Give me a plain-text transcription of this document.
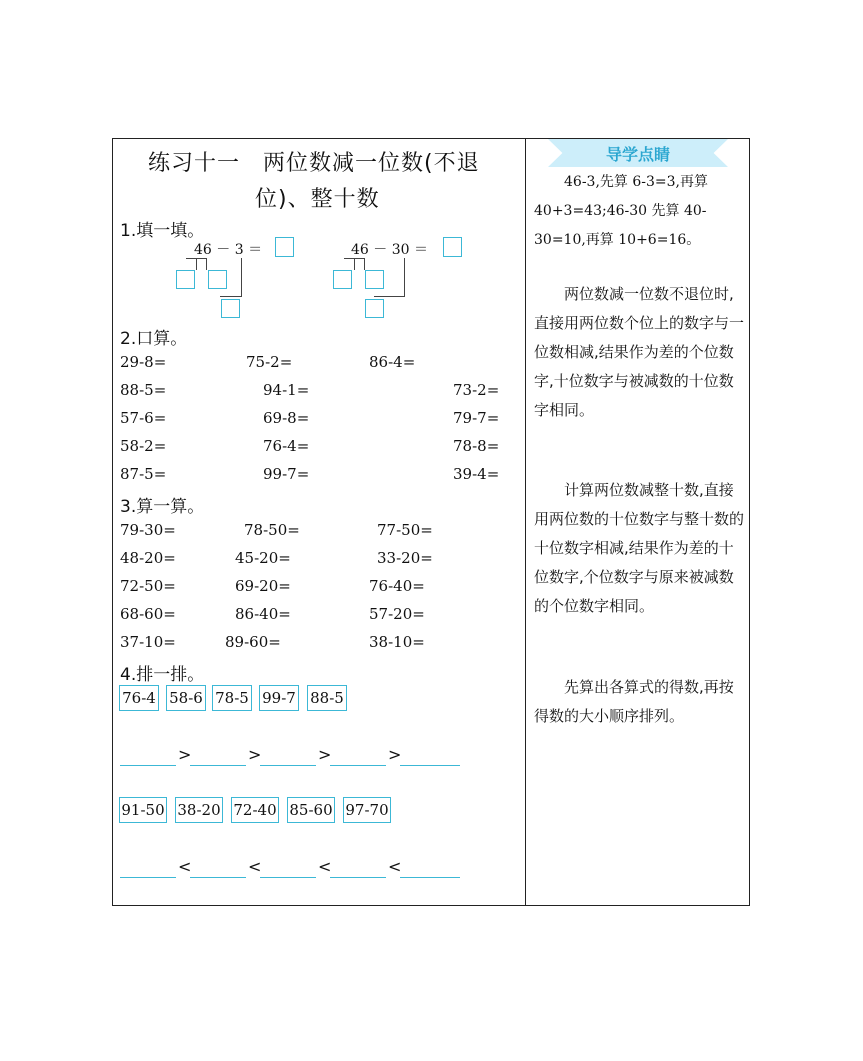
练习十一　两位数减一位数(不退
位)、整十数
1.填一填。
46 － 3 ＝	46 － 30 ＝
2.口算。
29-8=	75-2=	86-4=
88-5=	94-1=	73-2=
57-6=	69-8=	79-7=
58-2=	76-4=	78-8=
87-5=	99-7=	39-4=
3.算一算。
79-30=	78-50=	77-50=
48-20=	45-20=	33-20=
72-50=	69-20=	76-40=
68-60=	86-40=	57-20=
37-10=	89-60=	38-10=
4.排一排。
76-4 58-6 78-5 99-7 88-5
>	>	>	>
91-50 38-20 72-40 85-60 97-70
<	<	<	<
导学点睛
46-3,先算 6-3=3,再算 40+3=43;46-30 先算 40-30=10,再算 10+6=16。
两位数减一位数不退位时,直接用两位数个位上的数字与一位数相减,结果作为差的个位数字,十位数字与被减数的十位数字相同。
计算两位数减整十数,直接用两位数的十位数字与整十数的十位数字相减,结果作为差的十位数字,个位数字与原来被减数的个位数字相同。
先算出各算式的得数,再按得数的大小顺序排列。
